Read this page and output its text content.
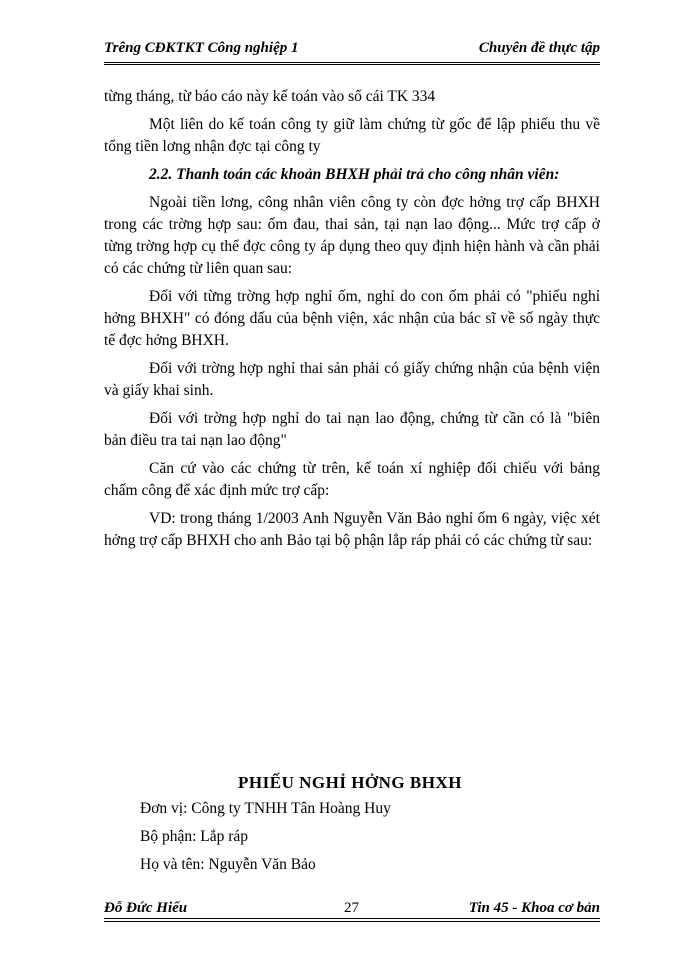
Trêng CĐKTKT Công nghiệp 1	Chuyên đề thực tập

từng tháng, từ báo cáo này kế toán vào sổ cái TK 334

Một liên do kế toán công ty giữ làm chứng từ gốc để lập phiếu thu về tổng tiền lơng nhận đợc tại công ty

2.2. Thanh toán các khoản BHXH phải trả cho công nhân viên:

Ngoài tiền lơng, công nhân viên công ty còn đợc hởng trợ cấp BHXH trong các trờng hợp sau: ốm đau, thai sản, tại nạn lao động... Mức trợ cấp ở từng trờng hợp cụ thể đợc công ty áp dụng theo quy định hiện hành và cần phải có các chứng từ liên quan sau:

Đối với từng trờng hợp nghỉ ốm, nghỉ do con ốm phải có "phiếu nghỉ hởng BHXH" có đóng dấu của bệnh viện, xác nhận của bác sĩ về số ngày thực tế đợc hởng BHXH.

Đối với trờng hợp nghỉ thai sản phải có giấy chứng nhận của bệnh viện và giấy khai sinh.

Đối với trờng hợp nghỉ do tai nạn lao động, chứng từ cần có là "biên bản điều tra tai nạn lao động"

Căn cứ vào các chứng từ trên, kế toán xí nghiệp đối chiếu với bảng chấm công để xác định mức trợ cấp:

VD: trong tháng 1/2003 Anh Nguyễn Văn Bảo nghỉ ốm 6 ngày, việc xét hởng trợ cấp BHXH cho anh Bảo tại bộ phận lắp ráp phải có các chứng từ sau:

PHIẾU NGHỈ HỞNG BHXH
Đơn vị: Công ty TNHH Tân Hoàng Huy
Bộ phận: Lắp ráp
Họ và tên: Nguyễn Văn Bảo
Đỗ Đức Hiếu	27	Tin 45 - Khoa cơ bản
